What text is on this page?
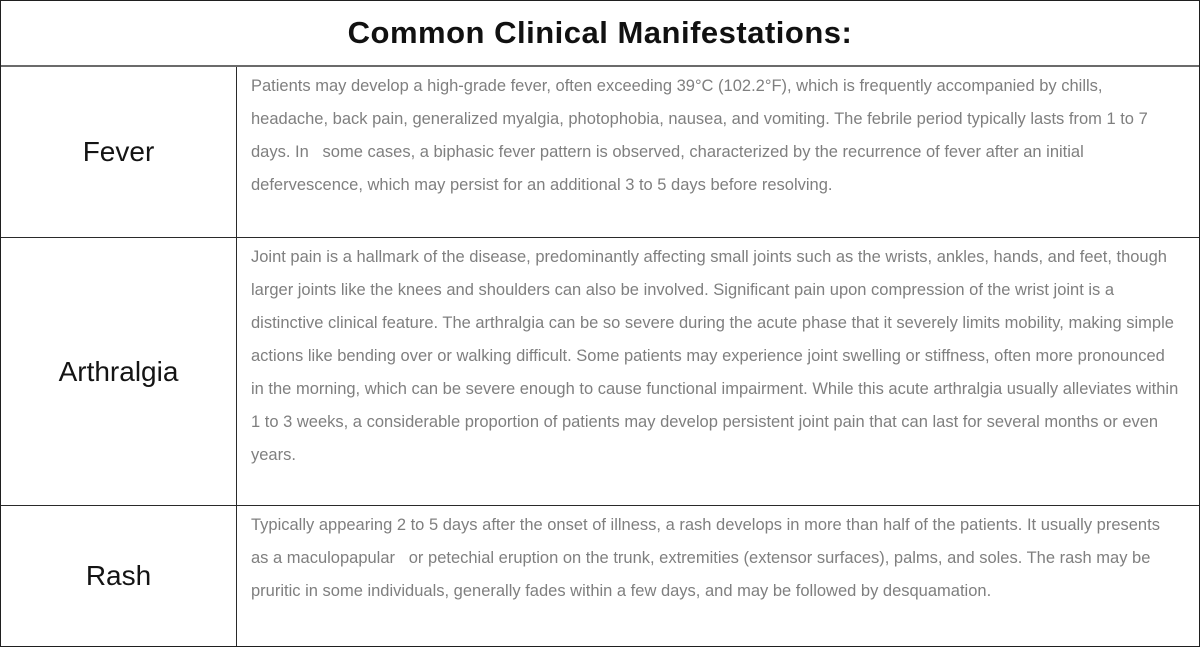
Common Clinical Manifestations:
Fever

Patients may develop a high-grade fever, often exceeding 39°C (102.2°F), which is frequently accompanied by chills, headache, back pain, generalized myalgia, photophobia, nausea, and vomiting. The febrile period typically lasts from 1 to 7 days. In   some cases, a biphasic fever pattern is observed, characterized by the recurrence of fever after an initial defervescence, which may persist for an additional 3 to 5 days before resolving.

Arthralgia

Joint pain is a hallmark of the disease, predominantly affecting small joints such as the wrists, ankles, hands, and feet, though larger joints like the knees and shoulders can also be involved. Significant pain upon compression of the wrist joint is a distinctive clinical feature. The arthralgia can be so severe during the acute phase that it severely limits mobility, making simple actions like bending over or walking difficult. Some patients may experience joint swelling or stiffness, often more pronounced in the morning, which can be severe enough to cause functional impairment. While this acute arthralgia usually alleviates within 1 to 3 weeks, a considerable proportion of patients may develop persistent joint pain that can last for several months or even years.

Rash

Typically appearing 2 to 5 days after the onset of illness, a rash develops in more than half of the patients. It usually presents as a maculopapular   or petechial eruption on the trunk, extremities (extensor surfaces), palms, and soles. The rash may be pruritic in some individuals, generally fades within a few days, and may be followed by desquamation.
